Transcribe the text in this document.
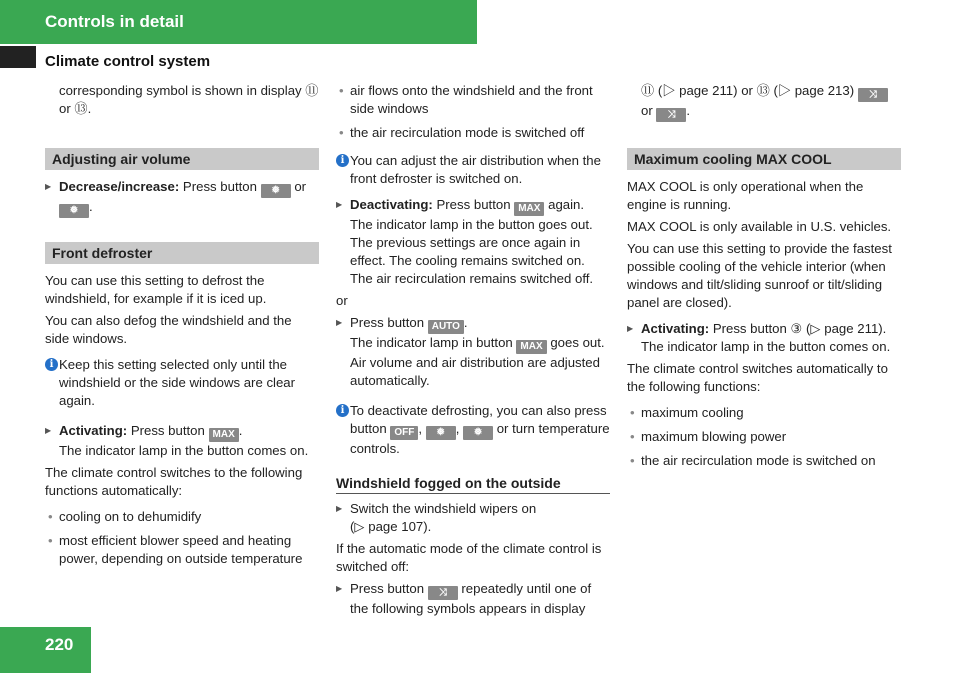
Controls in detail
Climate control system

corresponding symbol is shown in display ⑪ or ⑬.

Adjusting air volume

▶ Decrease/increase: Press button ❅ or
❅ .

Front defroster

You can use this setting to defrost the windshield, for example if it is iced up.

You can also defog the windshield and the side windows.

i Keep this setting selected only until the windshield or the side windows are clear again.

▶ Activating: Press button MAX .
The indicator lamp in the button comes on.

The climate control switches to the following functions automatically:

• cooling on to dehumidify

• most efficient blower speed and heating power, depending on outside temperature

• air flows onto the windshield and the front side windows

• the air recirculation mode is switched off

i You can adjust the air distribution when the front defroster is switched on.

▶ Deactivating: Press button MAX again. The indicator lamp in the button goes out. The previous settings are once again in effect. The cooling remains switched on. The air recirculation remains switched off.

or

▶ Press button AUTO .
The indicator lamp in button MAX goes out. Air volume and air distribution are adjusted automatically.

i To deactivate defrosting, you can also press button OFF , ❅ , ❅ or turn temperature controls.

Windshield fogged on the outside

▶ Switch the windshield wipers on
(▷ page 107).

If the automatic mode of the climate control is switched off:

▶ Press button ⤨ repeatedly until one of the following symbols appears in display

⑪ (▷ page 211) or ⑬ (▷ page 213) ⤨
or ⤨ .

Maximum cooling MAX COOL

MAX COOL is only operational when the engine is running.

MAX COOL is only available in U.S. vehicles.

You can use this setting to provide the fastest possible cooling of the vehicle interior (when windows and tilt/sliding sunroof or tilt/sliding panel are closed).

▶ Activating: Press button ③ (▷ page 211).
The indicator lamp in the button comes on.

The climate control switches automatically to the following functions:

• maximum cooling

• maximum blowing power

• the air recirculation mode is switched on

220
